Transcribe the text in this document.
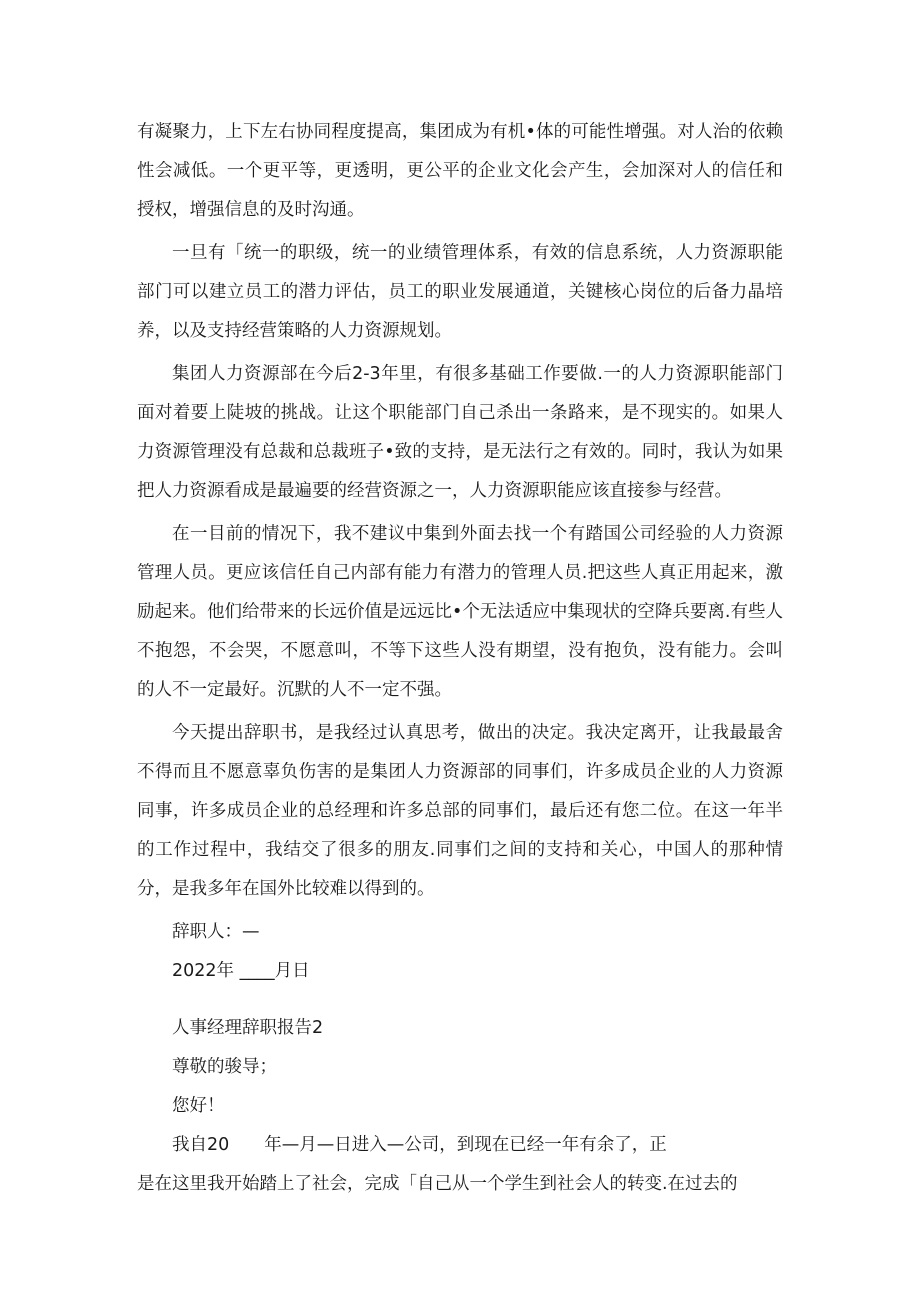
有凝聚力，上下左右协同程度提高，集团成为有机•体的可能性增强。对人治的依赖性会减低。一个更平等，更透明，更公平的企业文化会产生，会加深对人的信任和授权，增强信息的及时沟通。

一旦有「统一的职级，统一的业绩管理体系，有效的信息系统，人力资源职能部门可以建立员工的潜力评估，员工的职业发展通道，关键核心岗位的后备力晶培养，以及支持经营策略的人力资源规划。

集团人力资源部在今后2-3年里，有很多基础工作要做.一的人力资源职能部门面对着要上陡坡的挑战。让这个职能部门自己杀出一条路来，是不现实的。如果人力资源管理没有总裁和总裁班子•致的支持，是无法行之有效的。同时，我认为如果把人力资源看成是最遍要的经营资源之一，人力资源职能应该直接参与经营。

在一目前的情况下，我不建议中集到外面去找一个有踏国公司经验的人力资源管理人员。更应该信任自己内部有能力有潜力的管理人员.把这些人真正用起来，激励起来。他们给带来的长远价值是远远比•个无法适应中集现状的空降兵要离.有些人不抱怨，不会哭，不愿意叫，不等下这些人没有期望，没有抱负，没有能力。会叫的人不一定最好。沉默的人不一定不强。

今天提出辞职书，是我经过认真思考，做出的决定。我决定离开，让我最最舍不得而且不愿意辜负伤害的是集团人力资源部的同事们，许多成员企业的人力资源同事，许多成员企业的总经理和许多总部的同事们，最后还有您二位。在这一年半的工作过程中，我结交了很多的朋友.同事们之间的支持和关心，中国人的那种情分，是我多年在国外比较难以得到的。

辞职人：—

2022年 ____月日

人事经理辞职报告2

尊敬的骏导；

您好！

我自20　　年—月—日进入—公司，到现在已经一年有余了，正

是在这里我开始踏上了社会，完成「自己从一个学生到社会人的转变.在过去的
